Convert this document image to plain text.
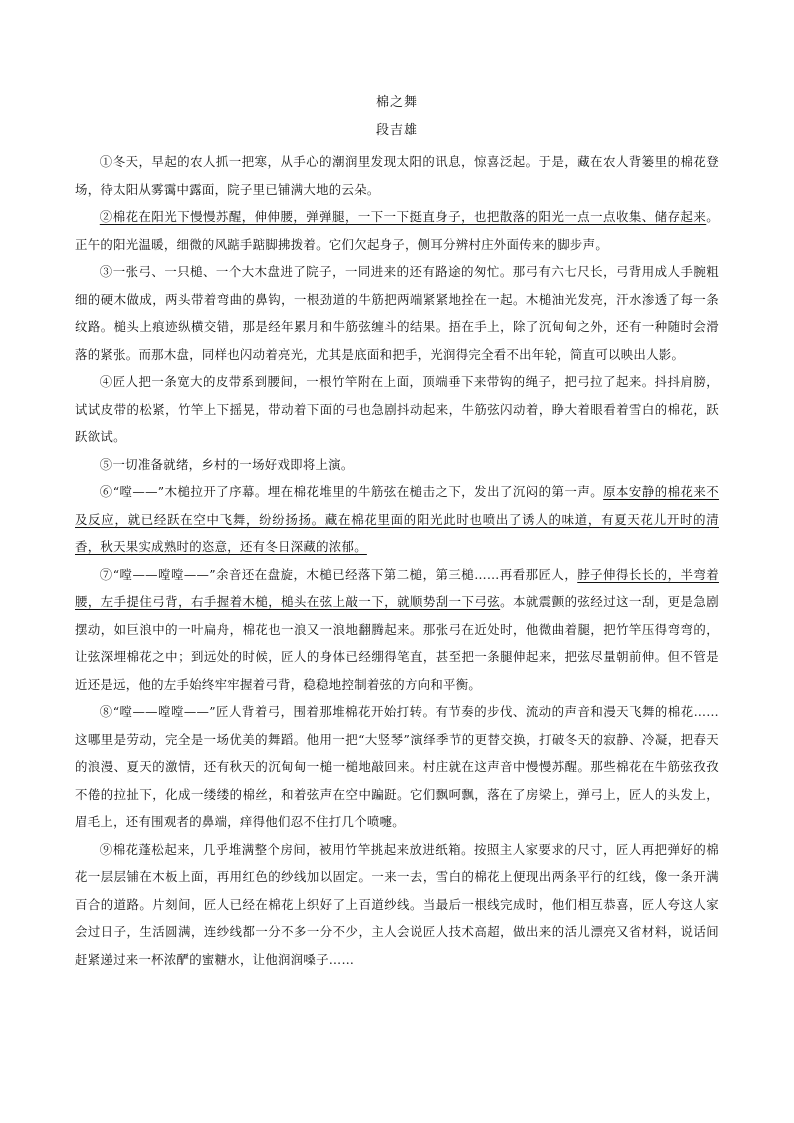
棉之舞
段吉雄

①冬天，早起的农人抓一把寒，从手心的潮润里发现太阳的讯息，惊喜泛起。于是，藏在农人背篓里的棉花登场，待太阳从雾霭中露面，院子里已铺满大地的云朵。

②棉花在阳光下慢慢苏醒，伸伸腰，弹弹腿，一下一下挺直身子，也把散落的阳光一点一点收集、储存起来。正午的阳光温暖，细微的风踮手踮脚拂拨着。它们欠起身子，侧耳分辨村庄外面传来的脚步声。

③一张弓、一只槌、一个大木盘进了院子，一同进来的还有路途的匆忙。那弓有六七尺长，弓背用成人手腕粗细的硬木做成，两头带着弯曲的鼻钩，一根劲道的牛筋把两端紧紧地拴在一起。木槌油光发亮，汗水渗透了每一条纹路。槌头上痕迹纵横交错，那是经年累月和牛筋弦缠斗的结果。捂在手上，除了沉甸甸之外，还有一种随时会滑落的紧张。而那木盘，同样也闪动着亮光，尤其是底面和把手，光润得完全看不出年轮，简直可以映出人影。

④匠人把一条宽大的皮带系到腰间，一根竹竿附在上面，顶端垂下来带钩的绳子，把弓拉了起来。抖抖肩膀，试试皮带的松紧，竹竿上下摇晃，带动着下面的弓也急剧抖动起来，牛筋弦闪动着，睁大着眼看着雪白的棉花，跃跃欲试。

⑤一切准备就绪，乡村的一场好戏即将上演。

⑥“嘡——”木槌拉开了序幕。埋在棉花堆里的牛筋弦在槌击之下，发出了沉闷的第一声。原本安静的棉花来不及反应，就已经跃在空中飞舞，纷纷扬扬。藏在棉花里面的阳光此时也喷出了诱人的味道，有夏天花儿开时的清香，秋天果实成熟时的恣意，还有冬日深藏的浓郁。

⑦“嘡——嘡嘡——”余音还在盘旋，木槌已经落下第二槌，第三槌……再看那匠人，脖子伸得长长的，半弯着腰，左手提住弓背，右手握着木槌，槌头在弦上敲一下，就顺势刮一下弓弦。本就震颤的弦经过这一刮，更是急剧摆动，如巨浪中的一叶扁舟，棉花也一浪又一浪地翻腾起来。那张弓在近处时，他微曲着腿，把竹竿压得弯弯的，让弦深埋棉花之中；到远处的时候，匠人的身体已经绷得笔直，甚至把一条腿伸起来，把弦尽量朝前伸。但不管是近还是远，他的左手始终牢牢握着弓背，稳稳地控制着弦的方向和平衡。

⑧“嘡——嘡嘡——”匠人背着弓，围着那堆棉花开始打转。有节奏的步伐、流动的声音和漫天飞舞的棉花……这哪里是劳动，完全是一场优美的舞蹈。他用一把“大竖琴”演绎季节的更替交换，打破冬天的寂静、冷凝，把春天的浪漫、夏天的激情，还有秋天的沉甸甸一槌一槌地敲回来。村庄就在这声音中慢慢苏醒。那些棉花在牛筋弦孜孜不倦的拉扯下，化成一缕缕的棉丝，和着弦声在空中蹁跹。它们飘呵飘，落在了房梁上，弹弓上，匠人的头发上，眉毛上，还有围观者的鼻端，痒得他们忍不住打几个喷嚏。

⑨棉花蓬松起来，几乎堆满整个房间，被用竹竿挑起来放进纸箱。按照主人家要求的尺寸，匠人再把弹好的棉花一层层铺在木板上面，再用红色的纱线加以固定。一来一去，雪白的棉花上便现出两条平行的红线，像一条开满百合的道路。片刻间，匠人已经在棉花上织好了上百道纱线。当最后一根线完成时，他们相互恭喜，匠人夸这人家会过日子，生活圆满，连纱线都一分不多一分不少，主人会说匠人技术高超，做出来的活儿漂亮又省材料，说话间赶紧递过来一杯浓酽的蜜糖水，让他润润嗓子……
